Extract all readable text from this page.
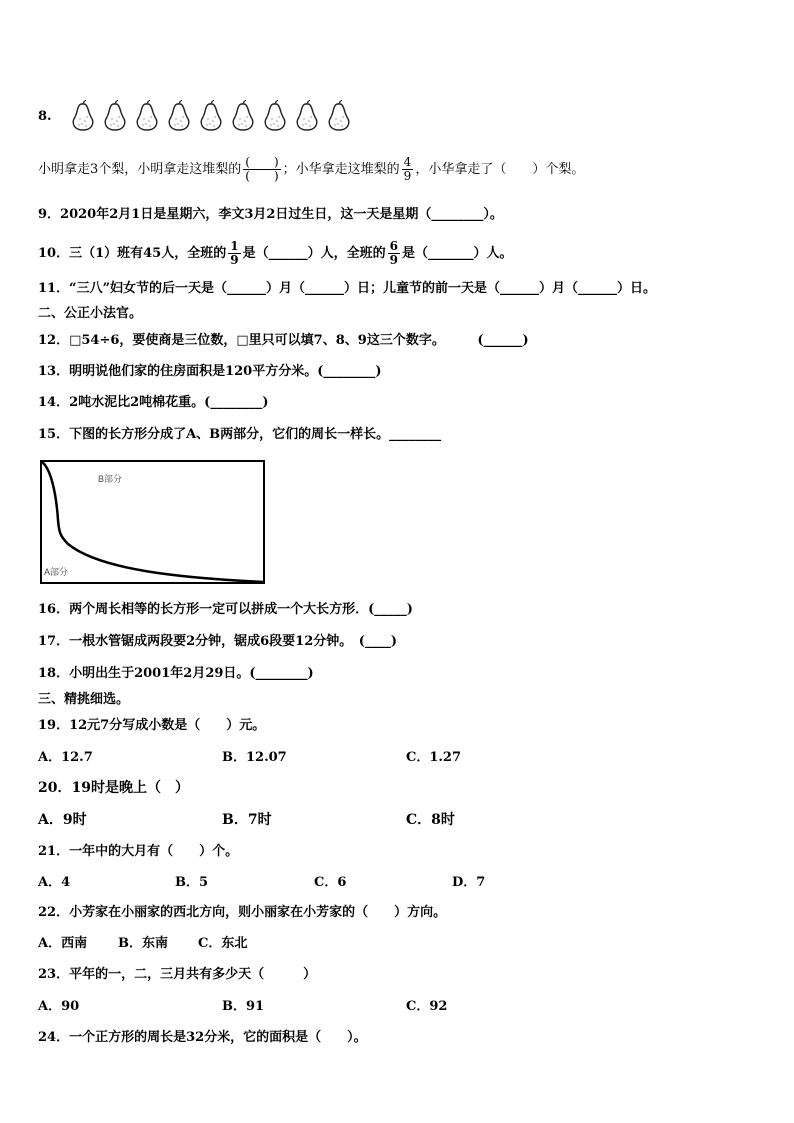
8.
小明拿走3个梨，小明拿走这堆梨的 $\frac{( )}{( )}$ ；小华拿走这堆梨的 $\frac{4}{9}$ ，小华拿走了（　　）个梨。
9．2020年2月1日是星期六，李文3月2日过生日，这一天是星期（________）。
10．三（1）班有45人，全班的 $\frac{1}{9}$ 是（______）人，全班的 $\frac{6}{9}$ 是（_______）人。
11．“三八”妇女节的后一天是（______）月（______）日；儿童节的前一天是（______）月（______）日。
二、公正小法官。
12．□54÷6，要使商是三位数，□里只可以填7、8、9这三个数字。　　　(______)
13．明明说他们家的住房面积是120平方分米。(________)
14．2吨水泥比2吨棉花重。(________)
15．下图的长方形分成了A、B两部分，它们的周长一样长。________
B部分
A部分
16．两个周长相等的长方形一定可以拼成一个大长方形．(_____)
17．一根水管锯成两段要2分钟，锯成6段要12分钟。　(____)
18．小明出生于2001年2月29日。(________)
三、精挑细选。
19．12元7分写成小数是（　　）元。
A．12.7	B．12.07	C．1.27
20．19时是晚上（　）
A．9时	B．7时	C．8时
21．一年中的大月有（　　）个。
A．4	B．5	C．6	D．7
22．小芳家在小丽家的西北方向，则小丽家在小芳家的（　　）方向。
A．西南 B．东南 C．东北
23．平年的一，二，三月共有多少天（　　　）
A．90	B．91	C．92
24．一个正方形的周长是32分米，它的面积是（　　）。
